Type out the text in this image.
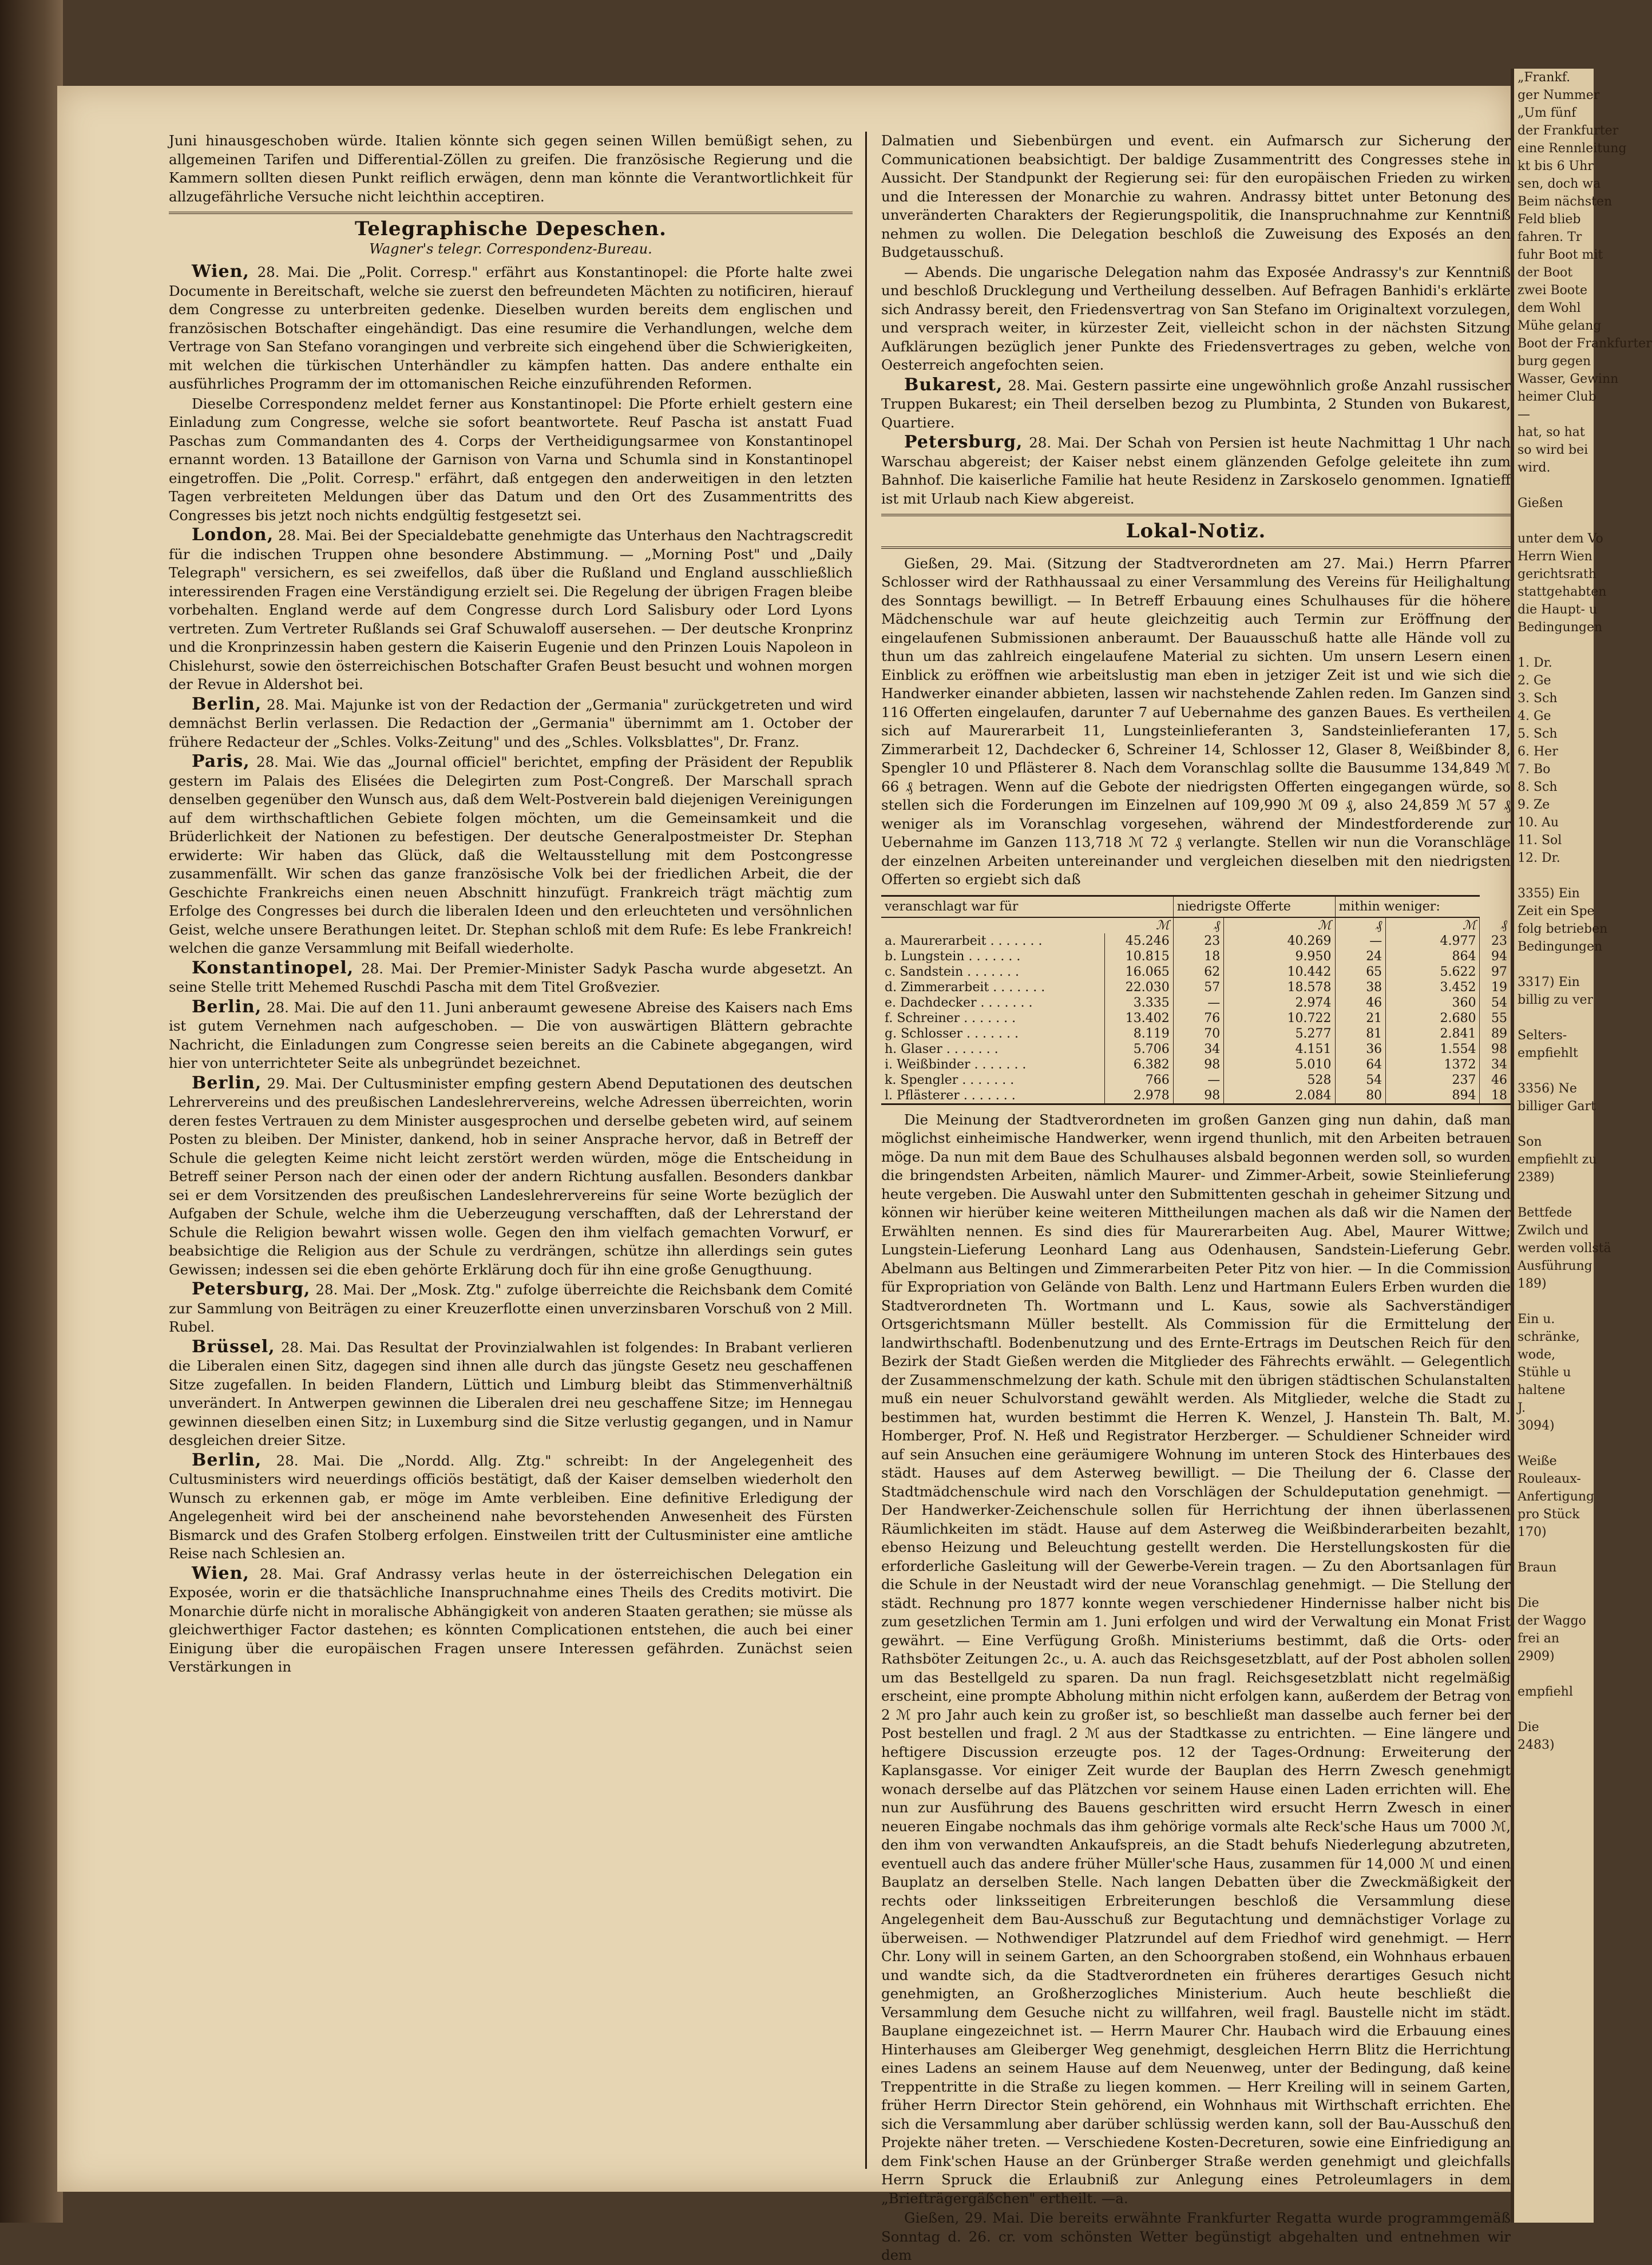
Juni hinausgeschoben würde. Italien könnte sich gegen seinen Willen bemüßigt sehen, zu allgemeinen Tarifen und Differential-Zöllen zu greifen. Die französische Regierung und die Kammern sollten diesen Punkt reiflich erwägen, denn man könnte die Verantwortlichkeit für allzugefährliche Versuche nicht leichthin acceptiren.

Telegraphische Depeschen.
Wagner's telegr. Correspondenz-Bureau.

Wien, 28. Mai. Die „Polit. Corresp." erfährt aus Konstantinopel: die Pforte halte zwei Documente in Bereitschaft, welche sie zuerst den befreundeten Mächten zu notificiren, hierauf dem Congresse zu unterbreiten gedenke. Dieselben wurden bereits dem englischen und französischen Botschafter eingehändigt. Das eine resumire die Verhandlungen, welche dem Vertrage von San Stefano vorangingen und verbreite sich eingehend über die Schwierigkeiten, mit welchen die türkischen Unterhändler zu kämpfen hatten. Das andere enthalte ein ausführliches Programm der im ottomanischen Reiche einzuführenden Reformen.

Dieselbe Correspondenz meldet ferner aus Konstantinopel: Die Pforte erhielt gestern eine Einladung zum Congresse, welche sie sofort beantwortete. Reuf Pascha ist anstatt Fuad Paschas zum Commandanten des 4. Corps der Vertheidigungsarmee von Konstantinopel ernannt worden. 13 Bataillone der Garnison von Varna und Schumla sind in Konstantinopel eingetroffen. Die „Polit. Corresp." erfährt, daß entgegen den anderweitigen in den letzten Tagen verbreiteten Meldungen über das Datum und den Ort des Zusammentritts des Congresses bis jetzt noch nichts endgültig festgesetzt sei.

London, 28. Mai. Bei der Specialdebatte genehmigte das Unterhaus den Nachtragscredit für die indischen Truppen ohne besondere Abstimmung. — „Morning Post" und „Daily Telegraph" versichern, es sei zweifellos, daß über die Rußland und England ausschließlich interessirenden Fragen eine Verständigung erzielt sei. Die Regelung der übrigen Fragen bleibe vorbehalten. England werde auf dem Congresse durch Lord Salisbury oder Lord Lyons vertreten. Zum Vertreter Rußlands sei Graf Schuwaloff ausersehen. — Der deutsche Kronprinz und die Kronprinzessin haben gestern die Kaiserin Eugenie und den Prinzen Louis Napoleon in Chislehurst, sowie den österreichischen Botschafter Grafen Beust besucht und wohnen morgen der Revue in Aldershot bei.

Berlin, 28. Mai. Majunke ist von der Redaction der „Germania" zurückgetreten und wird demnächst Berlin verlassen. Die Redaction der „Germania" übernimmt am 1. October der frühere Redacteur der „Schles. Volks-Zeitung" und des „Schles. Volksblattes", Dr. Franz.

Paris, 28. Mai. Wie das „Journal officiel" berichtet, empfing der Präsident der Republik gestern im Palais des Elisées die Delegirten zum Post-Congreß. Der Marschall sprach denselben gegenüber den Wunsch aus, daß dem Welt-Postverein bald diejenigen Vereinigungen auf dem wirthschaftlichen Gebiete folgen möchten, um die Gemeinsamkeit und die Brüderlichkeit der Nationen zu befestigen. Der deutsche Generalpostmeister Dr. Stephan erwiderte: Wir haben das Glück, daß die Weltausstellung mit dem Postcongresse zusammenfällt. Wir schen das ganze französische Volk bei der friedlichen Arbeit, die der Geschichte Frankreichs einen neuen Abschnitt hinzufügt. Frankreich trägt mächtig zum Erfolge des Congresses bei durch die liberalen Ideen und den erleuchteten und versöhnlichen Geist, welche unsere Berathungen leitet. Dr. Stephan schloß mit dem Rufe: Es lebe Frankreich! welchen die ganze Versammlung mit Beifall wiederholte.

Konstantinopel, 28. Mai. Der Premier-Minister Sadyk Pascha wurde abgesetzt. An seine Stelle tritt Mehemed Ruschdi Pascha mit dem Titel Großvezier.

Berlin, 28. Mai. Die auf den 11. Juni anberaumt gewesene Abreise des Kaisers nach Ems ist gutem Vernehmen nach aufgeschoben. — Die von auswärtigen Blättern gebrachte Nachricht, die Einladungen zum Congresse seien bereits an die Cabinete abgegangen, wird hier von unterrichteter Seite als unbegründet bezeichnet.

Berlin, 29. Mai. Der Cultusminister empfing gestern Abend Deputationen des deutschen Lehrervereins und des preußischen Landeslehrervereins, welche Adressen überreichten, worin deren festes Vertrauen zu dem Minister ausgesprochen und derselbe gebeten wird, auf seinem Posten zu bleiben. Der Minister, dankend, hob in seiner Ansprache hervor, daß in Betreff der Schule die gelegten Keime nicht leicht zerstört werden würden, möge die Entscheidung in Betreff seiner Person nach der einen oder der andern Richtung ausfallen. Besonders dankbar sei er dem Vorsitzenden des preußischen Landeslehrervereins für seine Worte bezüglich der Aufgaben der Schule, welche ihm die Ueberzeugung verschafften, daß der Lehrerstand der Schule die Religion bewahrt wissen wolle. Gegen den ihm vielfach gemachten Vorwurf, er beabsichtige die Religion aus der Schule zu verdrängen, schütze ihn allerdings sein gutes Gewissen; indessen sei die eben gehörte Erklärung doch für ihn eine große Genugthuung.

Petersburg, 28. Mai. Der „Mosk. Ztg." zufolge überreichte die Reichsbank dem Comité zur Sammlung von Beiträgen zu einer Kreuzerflotte einen unverzinsbaren Vorschuß von 2 Mill. Rubel.

Brüssel, 28. Mai. Das Resultat der Provinzialwahlen ist folgendes: In Brabant verlieren die Liberalen einen Sitz, dagegen sind ihnen alle durch das jüngste Gesetz neu geschaffenen Sitze zugefallen. In beiden Flandern, Lüttich und Limburg bleibt das Stimmenverhältniß unverändert. In Antwerpen gewinnen die Liberalen drei neu geschaffene Sitze; im Hennegau gewinnen dieselben einen Sitz; in Luxemburg sind die Sitze verlustig gegangen, und in Namur desgleichen dreier Sitze.

Berlin, 28. Mai. Die „Nordd. Allg. Ztg." schreibt: In der Angelegenheit des Cultusministers wird neuerdings officiös bestätigt, daß der Kaiser demselben wiederholt den Wunsch zu erkennen gab, er möge im Amte verbleiben. Eine definitive Erledigung der Angelegenheit wird bei der anscheinend nahe bevorstehenden Anwesenheit des Fürsten Bismarck und des Grafen Stolberg erfolgen. Einstweilen tritt der Cultusminister eine amtliche Reise nach Schlesien an.

Wien, 28. Mai. Graf Andrassy verlas heute in der österreichischen Delegation ein Exposée, worin er die thatsächliche Inanspruchnahme eines Theils des Credits motivirt. Die Monarchie dürfe nicht in moralische Abhängigkeit von anderen Staaten gerathen; sie müsse als gleichwerthiger Factor dastehen; es könnten Complicationen entstehen, die auch bei einer Einigung über die europäischen Fragen unsere Interessen gefährden. Zunächst seien Verstärkungen in

Dalmatien und Siebenbürgen und event. ein Aufmarsch zur Sicherung der Communicationen beabsichtigt. Der baldige Zusammentritt des Congresses stehe in Aussicht. Der Standpunkt der Regierung sei: für den europäischen Frieden zu wirken und die Interessen der Monarchie zu wahren. Andrassy bittet unter Betonung des unveränderten Charakters der Regierungspolitik, die Inanspruchnahme zur Kenntniß nehmen zu wollen. Die Delegation beschloß die Zuweisung des Exposés an den Budgetausschuß.

— Abends. Die ungarische Delegation nahm das Exposée Andrassy's zur Kenntniß und beschloß Drucklegung und Vertheilung desselben. Auf Befragen Banhidi's erklärte sich Andrassy bereit, den Friedensvertrag von San Stefano im Originaltext vorzulegen, und versprach weiter, in kürzester Zeit, vielleicht schon in der nächsten Sitzung Aufklärungen bezüglich jener Punkte des Friedensvertrages zu geben, welche von Oesterreich angefochten seien.

Bukarest, 28. Mai. Gestern passirte eine ungewöhnlich große Anzahl russischer Truppen Bukarest; ein Theil derselben bezog zu Plumbinta, 2 Stunden von Bukarest, Quartiere.

Petersburg, 28. Mai. Der Schah von Persien ist heute Nachmittag 1 Uhr nach Warschau abgereist; der Kaiser nebst einem glänzenden Gefolge geleitete ihn zum Bahnhof. Die kaiserliche Familie hat heute Residenz in Zarskoselo genommen. Ignatieff ist mit Urlaub nach Kiew abgereist.

Lokal-Notiz.

Gießen, 29. Mai. (Sitzung der Stadtverordneten am 27. Mai.) Herrn Pfarrer Schlosser wird der Rathhaussaal zu einer Versammlung des Vereins für Heilighaltung des Sonntags bewilligt. — In Betreff Erbauung eines Schulhauses für die höhere Mädchenschule war auf heute gleichzeitig auch Termin zur Eröffnung der eingelaufenen Submissionen anberaumt. Der Bauausschuß hatte alle Hände voll zu thun um das zahlreich eingelaufene Material zu sichten. Um unsern Lesern einen Einblick zu eröffnen wie arbeitslustig man eben in jetziger Zeit ist und wie sich die Handwerker einander abbieten, lassen wir nachstehende Zahlen reden. Im Ganzen sind 116 Offerten eingelaufen, darunter 7 auf Uebernahme des ganzen Baues. Es vertheilen sich auf Maurerarbeit 11, Lungsteinlieferanten 3, Sandsteinlieferanten 17, Zimmerarbeit 12, Dachdecker 6, Schreiner 14, Schlosser 12, Glaser 8, Weißbinder 8, Spengler 10 und Pflästerer 8. Nach dem Voranschlag sollte die Bausumme 134,849 ℳ 66 ₰ betragen. Wenn auf die Gebote der niedrigsten Offerten eingegangen würde, so stellen sich die Forderungen im Einzelnen auf 109,990 ℳ 09 ₰, also 24,859 ℳ 57 ₰ weniger als im Voranschlag vorgesehen, während der Mindestforderende zur Uebernahme im Ganzen 113,718 ℳ 72 ₰ verlangte. Stellen wir nun die Voranschläge der einzelnen Arbeiten untereinander und vergleichen dieselben mit den niedrigsten Offerten so ergiebt sich daß

veranschlagt war für		niedrigste Offerte		mithin weniger:		
	ℳ	₰	ℳ	₰	ℳ	₰
a. Maurerarbeit . . . . . . .	45.246	23	40.269	—	4.977	23
b. Lungstein . . . . . . .	10.815	18	9.950	24	864	94
c. Sandstein . . . . . . .	16.065	62	10.442	65	5.622	97
d. Zimmerarbeit . . . . . . .	22.030	57	18.578	38	3.452	19
e. Dachdecker . . . . . . .	3.335	—	2.974	46	360	54
f. Schreiner . . . . . . .	13.402	76	10.722	21	2.680	55
g. Schlosser . . . . . . .	8.119	70	5.277	81	2.841	89
h. Glaser . . . . . . .	5.706	34	4.151	36	1.554	98
i. Weißbinder . . . . . . .	6.382	98	5.010	64	1372	34
k. Spengler . . . . . . .	766	—	528	54	237	46
l. Pflästerer . . . . . . .	2.978	98	2.084	80	894	18

Die Meinung der Stadtverordneten im großen Ganzen ging nun dahin, daß man möglichst einheimische Handwerker, wenn irgend thunlich, mit den Arbeiten betrauen möge. Da nun mit dem Baue des Schulhauses alsbald begonnen werden soll, so wurden die bringendsten Arbeiten, nämlich Maurer- und Zimmer-Arbeit, sowie Steinlieferung heute vergeben. Die Auswahl unter den Submittenten geschah in geheimer Sitzung und können wir hierüber keine weiteren Mittheilungen machen als daß wir die Namen der Erwählten nennen. Es sind dies für Maurerarbeiten Aug. Abel, Maurer Wittwe; Lungstein-Lieferung Leonhard Lang aus Odenhausen, Sandstein-Lieferung Gebr. Abelmann aus Beltingen und Zimmerarbeiten Peter Pitz von hier. — In die Commission für Expropriation von Gelände von Balth. Lenz und Hartmann Eulers Erben wurden die Stadtverordneten Th. Wortmann und L. Kaus, sowie als Sachverständiger Ortsgerichtsmann Müller bestellt. Als Commission für die Ermittelung der landwirthschaftl. Bodenbenutzung und des Ernte-Ertrags im Deutschen Reich für den Bezirk der Stadt Gießen werden die Mitglieder des Fährechts erwählt. — Gelegentlich der Zusammenschmelzung der kath. Schule mit den übrigen städtischen Schulanstalten muß ein neuer Schulvorstand gewählt werden. Als Mitglieder, welche die Stadt zu bestimmen hat, wurden bestimmt die Herren K. Wenzel, J. Hanstein Th. Balt, M. Homberger, Prof. N. Heß und Registrator Herzberger. — Schuldiener Schneider wird auf sein Ansuchen eine geräumigere Wohnung im unteren Stock des Hinterbaues des städt. Hauses auf dem Asterweg bewilligt. — Die Theilung der 6. Classe der Stadtmädchenschule wird nach den Vorschlägen der Schuldeputation genehmigt. — Der Handwerker-Zeichenschule sollen für Herrichtung der ihnen überlassenen Räumlichkeiten im städt. Hause auf dem Asterweg die Weißbinderarbeiten bezahlt, ebenso Heizung und Beleuchtung gestellt werden. Die Herstellungskosten für die erforderliche Gasleitung will der Gewerbe-Verein tragen. — Zu den Abortsanlagen für die Schule in der Neustadt wird der neue Voranschlag genehmigt. — Die Stellung der städt. Rechnung pro 1877 konnte wegen verschiedener Hindernisse halber nicht bis zum gesetzlichen Termin am 1. Juni erfolgen und wird der Verwaltung ein Monat Frist gewährt. — Eine Verfügung Großh. Ministeriums bestimmt, daß die Orts- oder Rathsböter Zeitungen 2c., u. A. auch das Reichsgesetzblatt, auf der Post abholen sollen um das Bestellgeld zu sparen. Da nun fragl. Reichsgesetzblatt nicht regelmäßig erscheint, eine prompte Abholung mithin nicht erfolgen kann, außerdem der Betrag von 2 ℳ pro Jahr auch kein zu großer ist, so beschließt man dasselbe auch ferner bei der Post bestellen und fragl. 2 ℳ aus der Stadtkasse zu entrichten. — Eine längere und heftigere Discussion erzeugte pos. 12 der Tages-Ordnung: Erweiterung der Kaplansgasse. Vor einiger Zeit wurde der Bauplan des Herrn Zwesch genehmigt wonach derselbe auf das Plätzchen vor seinem Hause einen Laden errichten will. Ehe nun zur Ausführung des Bauens geschritten wird ersucht Herrn Zwesch in einer neueren Eingabe nochmals das ihm gehörige vormals alte Reck'sche Haus um 7000 ℳ, den ihm von verwandten Ankaufspreis, an die Stadt behufs Niederlegung abzutreten, eventuell auch das andere früher Müller'sche Haus, zusammen für 14,000 ℳ und einen Bauplatz an derselben Stelle. Nach langen Debatten über die Zweckmäßigkeit der rechts oder linksseitigen Erbreiterungen beschloß die Versammlung diese Angelegenheit dem Bau-Ausschuß zur Begutachtung und demnächstiger Vorlage zu überweisen. — Nothwendiger Platzrundel auf dem Friedhof wird genehmigt. — Herr Chr. Lony will in seinem Garten, an den Schoorgraben stoßend, ein Wohnhaus erbauen und wandte sich, da die Stadtverordneten ein früheres derartiges Gesuch nicht genehmigten, an Großherzogliches Ministerium. Auch heute beschließt die Versammlung dem Gesuche nicht zu willfahren, weil fragl. Baustelle nicht im städt. Bauplane eingezeichnet ist. — Herrn Maurer Chr. Haubach wird die Erbauung eines Hinterhauses am Gleiberger Weg genehmigt, desgleichen Herrn Blitz die Herrichtung eines Ladens an seinem Hause auf dem Neuenweg, unter der Bedingung, daß keine Treppentritte in die Straße zu liegen kommen. — Herr Kreiling will in seinem Garten, früher Herrn Director Stein gehörend, ein Wohnhaus mit Wirthschaft errichten. Ehe sich die Versammlung aber darüber schlüssig werden kann, soll der Bau-Ausschuß den Projekte näher treten. — Verschiedene Kosten-Decreturen, sowie eine Einfriedigung an dem Fink'schen Hause an der Grünberger Straße werden genehmigt und gleichfalls Herrn Spruck die Erlaubniß zur Anlegung eines Petroleumlagers in dem „Briefträgergäßchen" ertheilt. —a.

Gießen, 29. Mai. Die bereits erwähnte Frankfurter Regatta wurde programmgemäß Sonntag d. 26. cr. vom schönsten Wetter begünstigt abgehalten und entnehmen wir dem

„Frankf.
ger Nummer
„Um fünf
der Frankfurter
eine Rennleitung
kt bis 6 Uhr
sen, doch wa
Beim nächsten
Feld blieb
fahren. Tr
fuhr Boot mit
der Boot
zwei Boote
dem Wohl
Mühe gelang
Boot der Frankfurter
burg gegen
Wasser, Gewinn
heimer Club
—
hat, so hat
so wird bei
wird.

Gießen

unter dem Vo
Herrn Wien
gerichtsrath
stattgehabten
die Haupt- u
Bedingungen

1. Dr.
2. Ge
3. Sch
4. Ge
5. Sch
6. Her
7. Bo
8. Sch
9. Ze
10. Au
11. Sol
12. Dr.

3355) Ein
Zeit ein Spe
folg betrieben
Bedingungen

3317) Ein
billig zu ver

Selters-
empfiehlt

3356) Ne
billiger Gart

Son
empfiehlt zu
2389)

Bettfede
Zwilch und
werden vollstä
Ausführung
189)

Ein u.
schränke,
wode,
Stühle u
haltene
J.
3094)

Weiße
Rouleaux-
Anfertigung
pro Stück
170)

Braun

Die
der Waggo
frei an
2909)

empfiehl

Die
2483)
